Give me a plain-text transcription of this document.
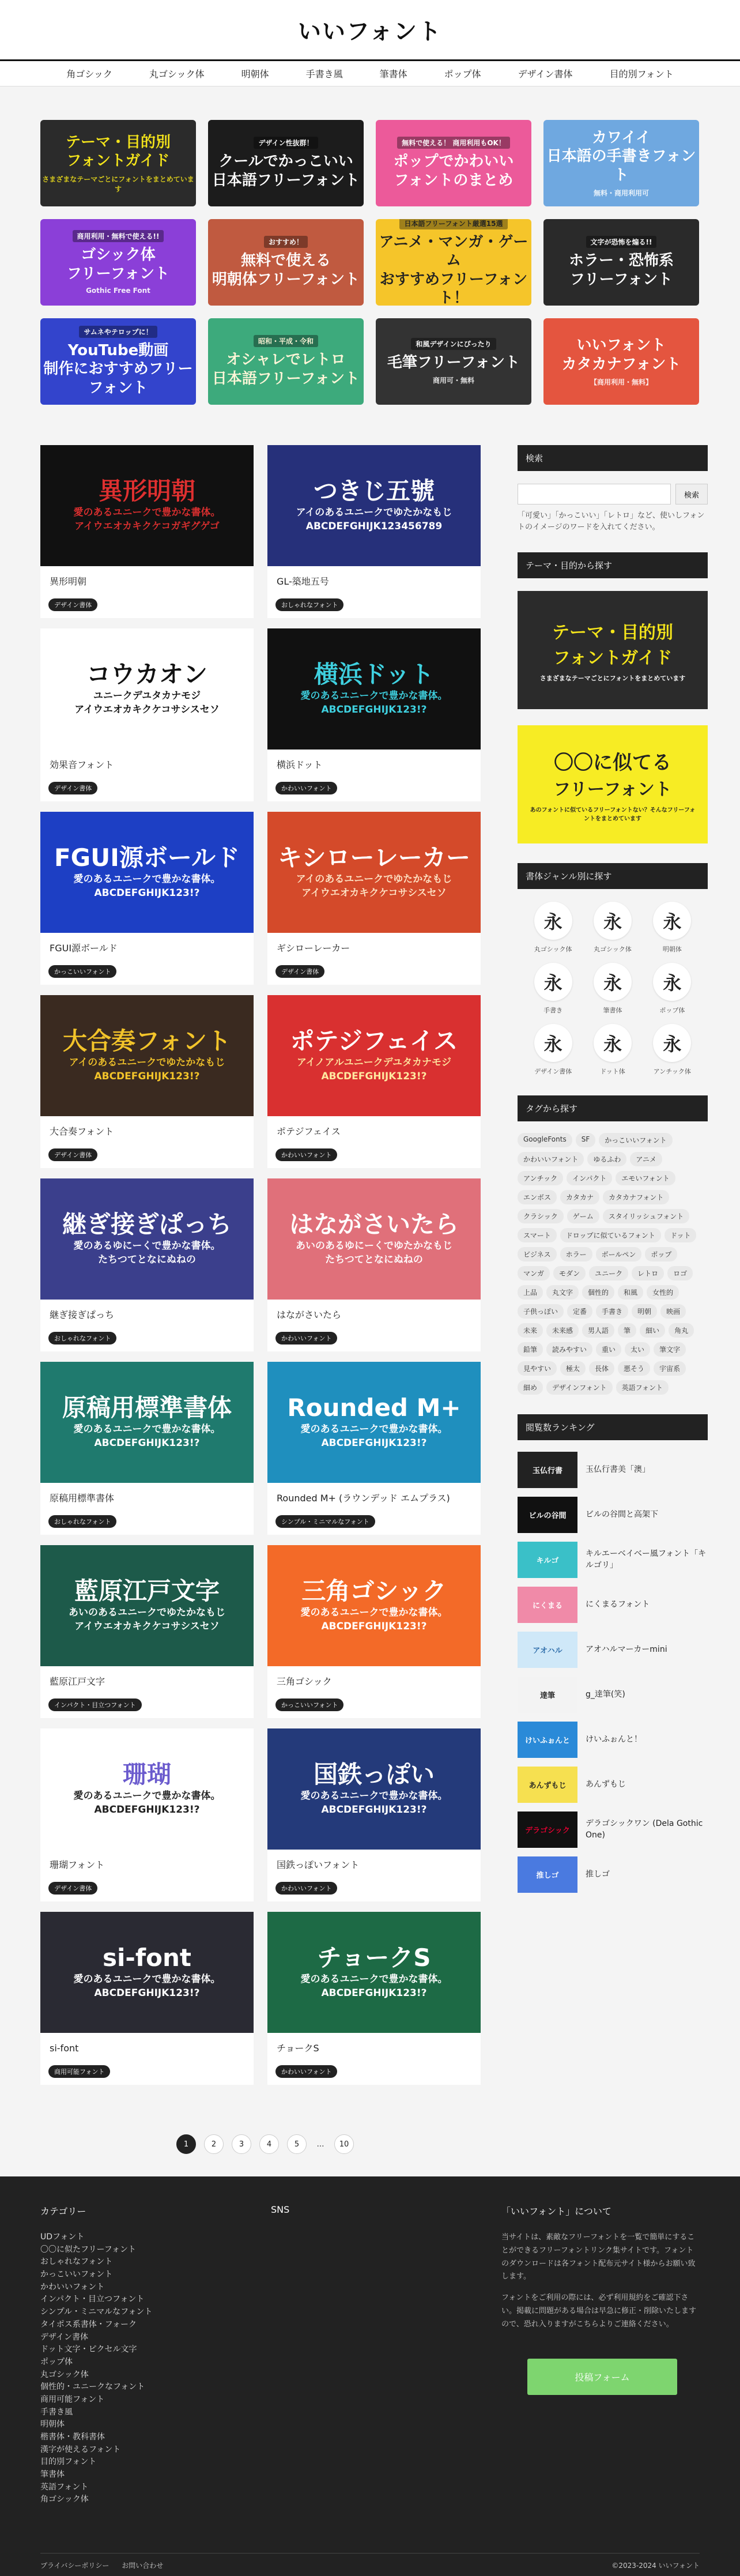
いいフォント
角ゴシック	丸ゴシック体	明朝体	手書き風	筆書体	ポップ体	デザイン書体	目的別フォント
テーマ・目的別
フォントガイド
さまざまなテーマごとにフォントをまとめています
デザイン性抜群！
クールでかっこいい
日本語フリーフォント
無料で使える！ 商用利用もOK！
ポップでかわいい
フォントのまとめ
カワイイ
日本語の手書きフォント
無料・商用利用可
商用利用・無料で使える!!
ゴシック体
フリーフォント
Gothic Free Font
おすすめ！
無料で使える
明朝体フリーフォント
日本語フリーフォント厳選15選
アニメ・マンガ・ゲーム
おすすめフリーフォント！
文字が恐怖を煽る!!
ホラー・恐怖系
フリーフォント
サムネやテロップに！
YouTube動画
制作におすすめフリーフォント
昭和・平成・令和
オシャレでレトロ
日本語フリーフォント
和風デザインにぴったり
毛筆フリーフォント
商用可・無料
いいフォント
カタカナフォント
【商用利用・無料】
異形明朝
愛のあるユニークで豊かな書体。
アイウエオカキクケコガギグゲゴ
異形明朝
デザイン書体
つきじ五號
アイのあるユニークでゆたかなもじ
ABCDEFGHIJK123456789
GL-築地五号
おしゃれなフォント
コウカオン
ユニークデユタカナモジ
アイウエオカキクケコサシスセソ
効果音フォント
デザイン書体
横浜ドット
愛のあるユニークで豊かな書体。
ABCDEFGHIJK123!?
横浜ドット
かわいいフォント
FGUI源ボールド
愛のあるユニークで豊かな書体。
ABCDEFGHIJK123!?
FGUI源ボールド
かっこいいフォント
キシローレーカー
アイのあるユニークでゆたかなもじ
アイウエオカキクケコサシスセソ
ギシローレーカー
デザイン書体
大合奏フォント
アイのあるユニークでゆたかなもじ
ABCDEFGHIJK123!?
大合奏フォント
デザイン書体
ポテジフェイス
アイノアルユニークデユタカナモジ
ABCDEFGHIJK123!?
ポテジフェイス
かわいいフォント
継ぎ接ぎぱっち
愛のあるゆにーくで豊かな書体。
たちつてとなにぬねの
継ぎ接ぎぱっち
おしゃれなフォント
はながさいたら
あいのあるゆにーくでゆたかなもじ
たちつてとなにぬねの
はながさいたら
かわいいフォント
原稿用標準書体
愛のあるユニークで豊かな書体。
ABCDEFGHIJK123!?
原稿用標準書体
おしゃれなフォント
Rounded M+
愛のあるユニークで豊かな書体。
ABCDEFGHIJK123!?
Rounded M+ (ラウンデッド エムプラス)
シンプル・ミニマルなフォント
藍原江戸文字
あいのあるユニークでゆたかなもじ
アイウエオカキクケコサシスセソ
藍原江戸文字
インパクト・目立つフォント
三角ゴシック
愛のあるユニークで豊かな書体。
ABCDEFGHIJK123!?
三角ゴシック
かっこいいフォント
珊瑚
愛のあるユニークで豊かな書体。
ABCDEFGHIJK123!?
珊瑚フォント
デザイン書体
国鉄っぽい
愛のあるユニークで豊かな書体。
ABCDEFGHIJK123!?
国鉄っぽいフォント
かわいいフォント
si-font
愛のあるユニークで豊かな書体。
ABCDEFGHIJK123!?
si-font
商用可能フォント
チョークS
愛のあるユニークで豊かな書体。
ABCDEFGHIJK123!?
チョークS
かわいいフォント
検索
検索
「可愛い」「かっこいい」「レトロ」など、使いしフォントのイメージのワードを入れてください。
テーマ・目的から探す
テーマ・目的別
フォントガイド
さまざまなテーマごとにフォントをまとめています
〇〇に似てる
フリーフォント
あのフォントに似ているフリーフォントない？そんなフリーフォントをまとめています
書体ジャンル別に探す
永
丸ゴシック体
永
丸ゴシック体
永
明朝体
永
手書き
永
筆書体
永
ポップ体
永
デザイン書体
永
ドット体
永
アンチック体
タグから探す
GoogleFonts	SF	かっこいいフォント
かわいいフォント	ゆるふわ	アニメ
アンチック	インパクト	エモいフォント
エンボス	カタカナ	カタカナフォント
クラシック	ゲーム	スタイリッシュフォント
スマート	ドロップに似ているフォント	ドット
ビジネス	ホラー	ボールペン	ポップ
マンガ	モダン	ユニーク	レトロ	ロゴ
上品	丸文字	個性的	和風	女性的
子供っぽい	定番	手書き	明朝	映画
未来	未来感	男人語	筆	細い	角丸
鉛筆	読みやすい	重い	太い	筆文字
見やすい	極太	長体	悪そう	宇宙系
細め	デザインフォント	英語フォント
閲覧数ランキング
玉仏行書	玉仏行書美「澳」
ビルの谷間	ビルの谷間と高架下
キルゴ
キルエーベイベー風フォント「キルゴリ」
にくまる	にくまるフォント
アオハル	アオハルマーカーmini
達筆	g_達筆(笑)
けいふぉんと	けいふぉんと！
あんずもじ	あんずもじ
デラゴシック
デラゴシックワン (Dela Gothic One)
推しゴ	推しゴ
1	2	3	4	5	…	10
カテゴリー
UDフォント
〇〇に似たフリーフォント
おしゃれなフォント
かっこいいフォント
かわいいフォント
インパクト・目立つフォント
シンプル・ミニマルなフォント
タイポス系書体・フォーク
デザイン書体
ドット文字・ピクセル文字
ポップ体
丸ゴシック体
個性的・ユニークなフォント
商用可能フォント
手書き風
明朝体
楷書体・教科書体
漢字が使えるフォント
目的別フォント
筆書体
英語フォント
角ゴシック体
SNS	「いいフォント」について
当サイトは、素敵なフリーフォントを一覧で簡単にすることができるフリーフォントリンク集サイトです。フォントのダウンロードは各フォント配布元サイト様からお願い致します。
フォントをご利用の際には、必ず利用規約をご確認下さい。掲載に問題がある場合は早急に修正・削除いたしますので、恐れ入りますがこちらよりご連絡ください。
投稿フォーム
プライバシーポリシー お問い合わせ	©2023-2024 いいフォント
